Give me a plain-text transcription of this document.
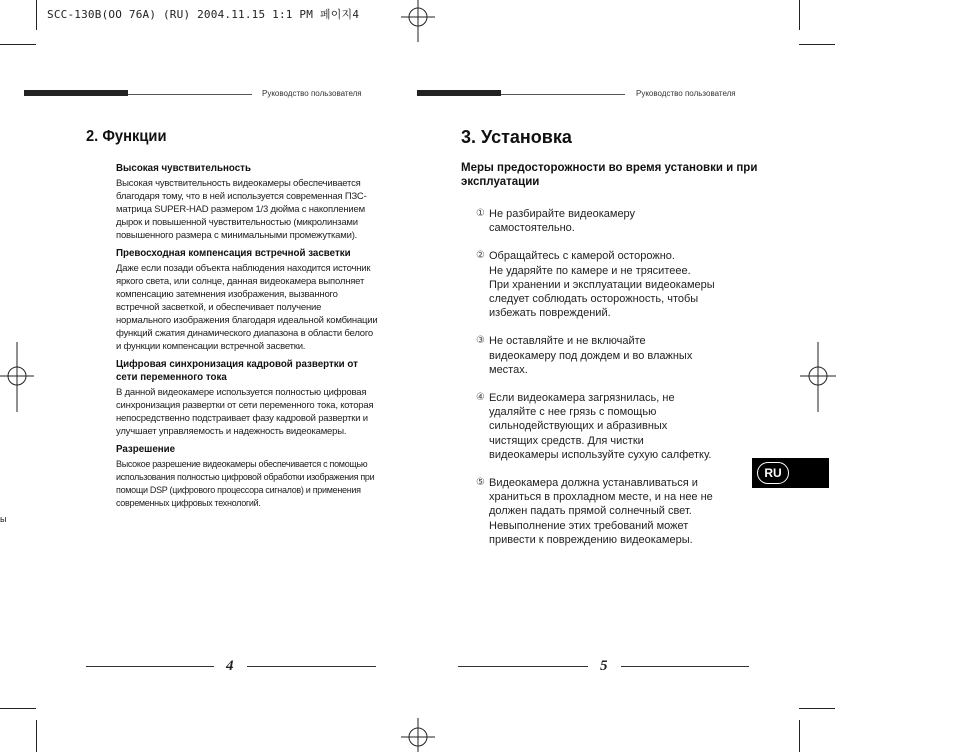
SCC-130B(OO 76A) (RU) 2004.11.15 1:1 PM 페이지4
Руководство пользователя	Руководство пользователя
2. Функции
Высокая чувствительность
Высокая чувствительность видеокамеры обеспечивается благодаря тому, что в ней используется современная ПЗС-матрица SUPER-HAD размером 1/3 дюйма с накоплением дырок и повышенной чувствительностью (микролинзами повышенного размера с минимальными промежутками).
Превосходная компенсация встречной засветки
Даже если позади объекта наблюдения находится источник яркого света, или солнце, данная видеокамера выполняет компенсацию затемнения изображения, вызванного встречной засветкой, и обеспечивает получение нормального изображения благодаря идеальной комбинации функций сжатия динамического диапазона в области белого и функции компенсации встречной засветки.
Цифровая синхронизация кадровой развертки от сети переменного тока
В данной видеокамере используется полностью цифровая синхронизация развертки от сети переменного тока, которая непосредственно подстраивает фазу кадровой развертки и улучшает управляемость и надежность видеокамеры.
Разрешение
Высокое разрешение видеокамеры обеспечивается с помощью использования полностью цифровой обработки изображения при помощи DSP (цифрового процессора сигналов) и применения современных цифровых технологий.
ы
4
3. Установка
Меры предосторожности во время установки и при эксплуатации
① Не разбирайте видеокамеру
самостоятельно.
② Обращайтесь с камерой осторожно.
Не ударяйте по камере и не тряситеее.
При хранении и эксплуатации видеокамеры
следует соблюдать осторожность, чтобы
избежать повреждений.
③ Не оставляйте и не включайте
видеокамеру под дождем и во влажных
местах.
④ Если видеокамера загрязнилась, не
удаляйте с нее грязь с помощью
сильнодействующих и абразивных
чистящих средств. Для чистки
видеокамеры используйте сухую салфетку.
⑤ Видеокамера должна устанавливаться и
храниться в прохладном месте, и на нее не
должен падать прямой солнечный свет.
Невыполнение этих требований может
привести к повреждению видеокамеры.
RU
5
